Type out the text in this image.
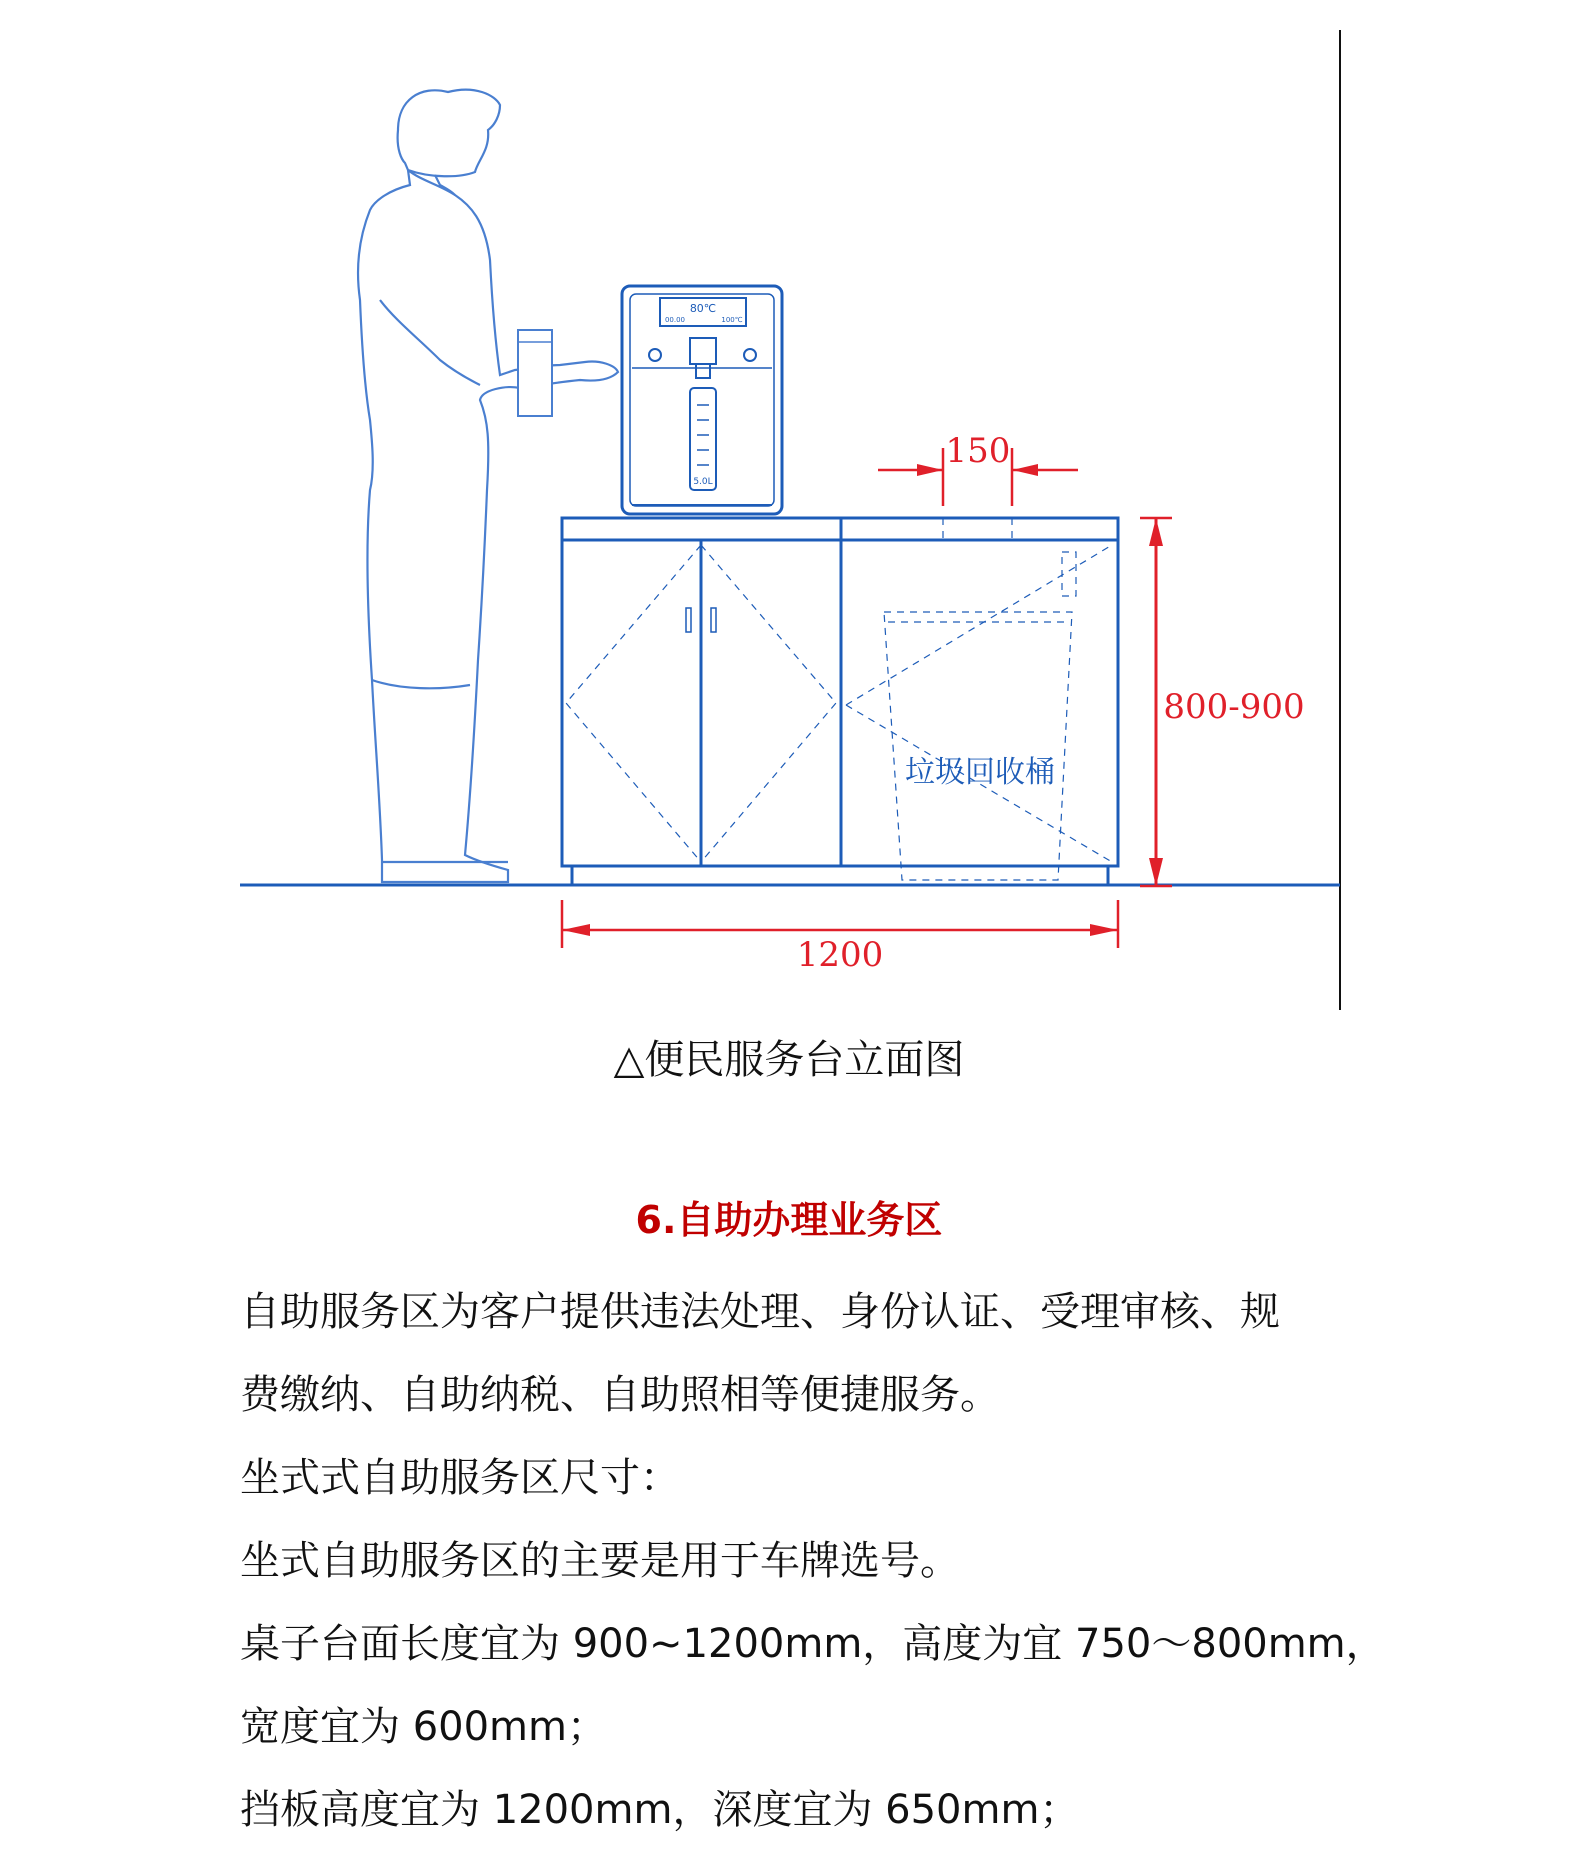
80℃
00.00	100℃
5.0L
垃圾回收桶
150
800-900
1200
△便民服务台立面图
6.自助办理业务区
自助服务区为客户提供违法处理、身份认证、受理审核、规
费缴纳、自助纳税、自助照相等便捷服务。
坐式式自助服务区尺寸：
坐式自助服务区的主要是用于车牌选号。
桌子台面长度宜为 900~1200mm，高度为宜 750～800mm，
宽度宜为 600mm；
挡板高度宜为 1200mm，深度宜为 650mm；
